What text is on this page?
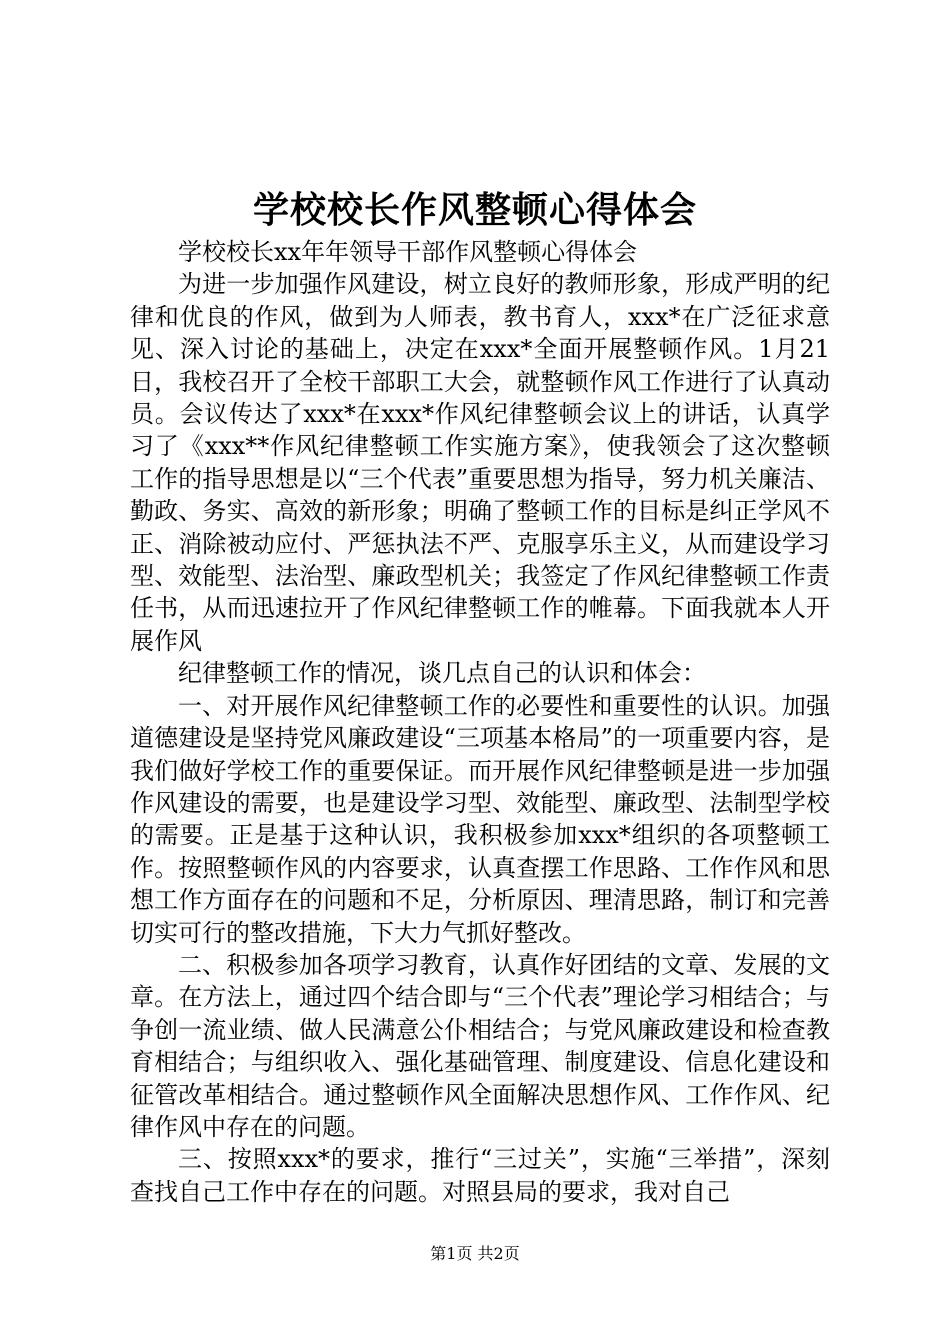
学校校长作风整顿心得体会

学校校长xx年年领导干部作风整顿心得体会

为进一步加强作风建设，树立良好的教师形象，形成严明的纪律和优良的作风，做到为人师表，教书育人，xxx*在广泛征求意见、深入讨论的基础上，决定在xxx*全面开展整顿作风。1月21日，我校召开了全校干部职工大会，就整顿作风工作进行了认真动员。会议传达了xxx*在xxx*作风纪律整顿会议上的讲话，认真学习了《xxx**作风纪律整顿工作实施方案》，使我领会了这次整顿工作的指导思想是以“三个代表”重要思想为指导，努力机关廉洁、勤政、务实、高效的新形象；明确了整顿工作的目标是纠正学风不正、消除被动应付、严惩执法不严、克服享乐主义，从而建设学习型、效能型、法治型、廉政型机关；我签定了作风纪律整顿工作责任书，从而迅速拉开了作风纪律整顿工作的帷幕。下面我就本人开展作风

纪律整顿工作的情况，谈几点自己的认识和体会：

一、对开展作风纪律整顿工作的必要性和重要性的认识。加强道德建设是坚持党风廉政建设“三项基本格局”的一项重要内容，是我们做好学校工作的重要保证。而开展作风纪律整顿是进一步加强作风建设的需要，也是建设学习型、效能型、廉政型、法制型学校的需要。正是基于这种认识，我积极参加xxx*组织的各项整顿工作。按照整顿作风的内容要求，认真查摆工作思路、工作作风和思想工作方面存在的问题和不足，分析原因、理清思路，制订和完善切实可行的整改措施，下大力气抓好整改。

二、积极参加各项学习教育，认真作好团结的文章、发展的文章。在方法上，通过四个结合即与“三个代表”理论学习相结合；与争创一流业绩、做人民满意公仆相结合；与党风廉政建设和检查教育相结合；与组织收入、强化基础管理、制度建设、信息化建设和征管改革相结合。通过整顿作风全面解决思想作风、工作作风、纪律作风中存在的问题。

三、按照xxx*的要求，推行“三过关”，实施“三举措”，深刻查找自己工作中存在的问题。对照县局的要求，我对自己

第1页 共2页
